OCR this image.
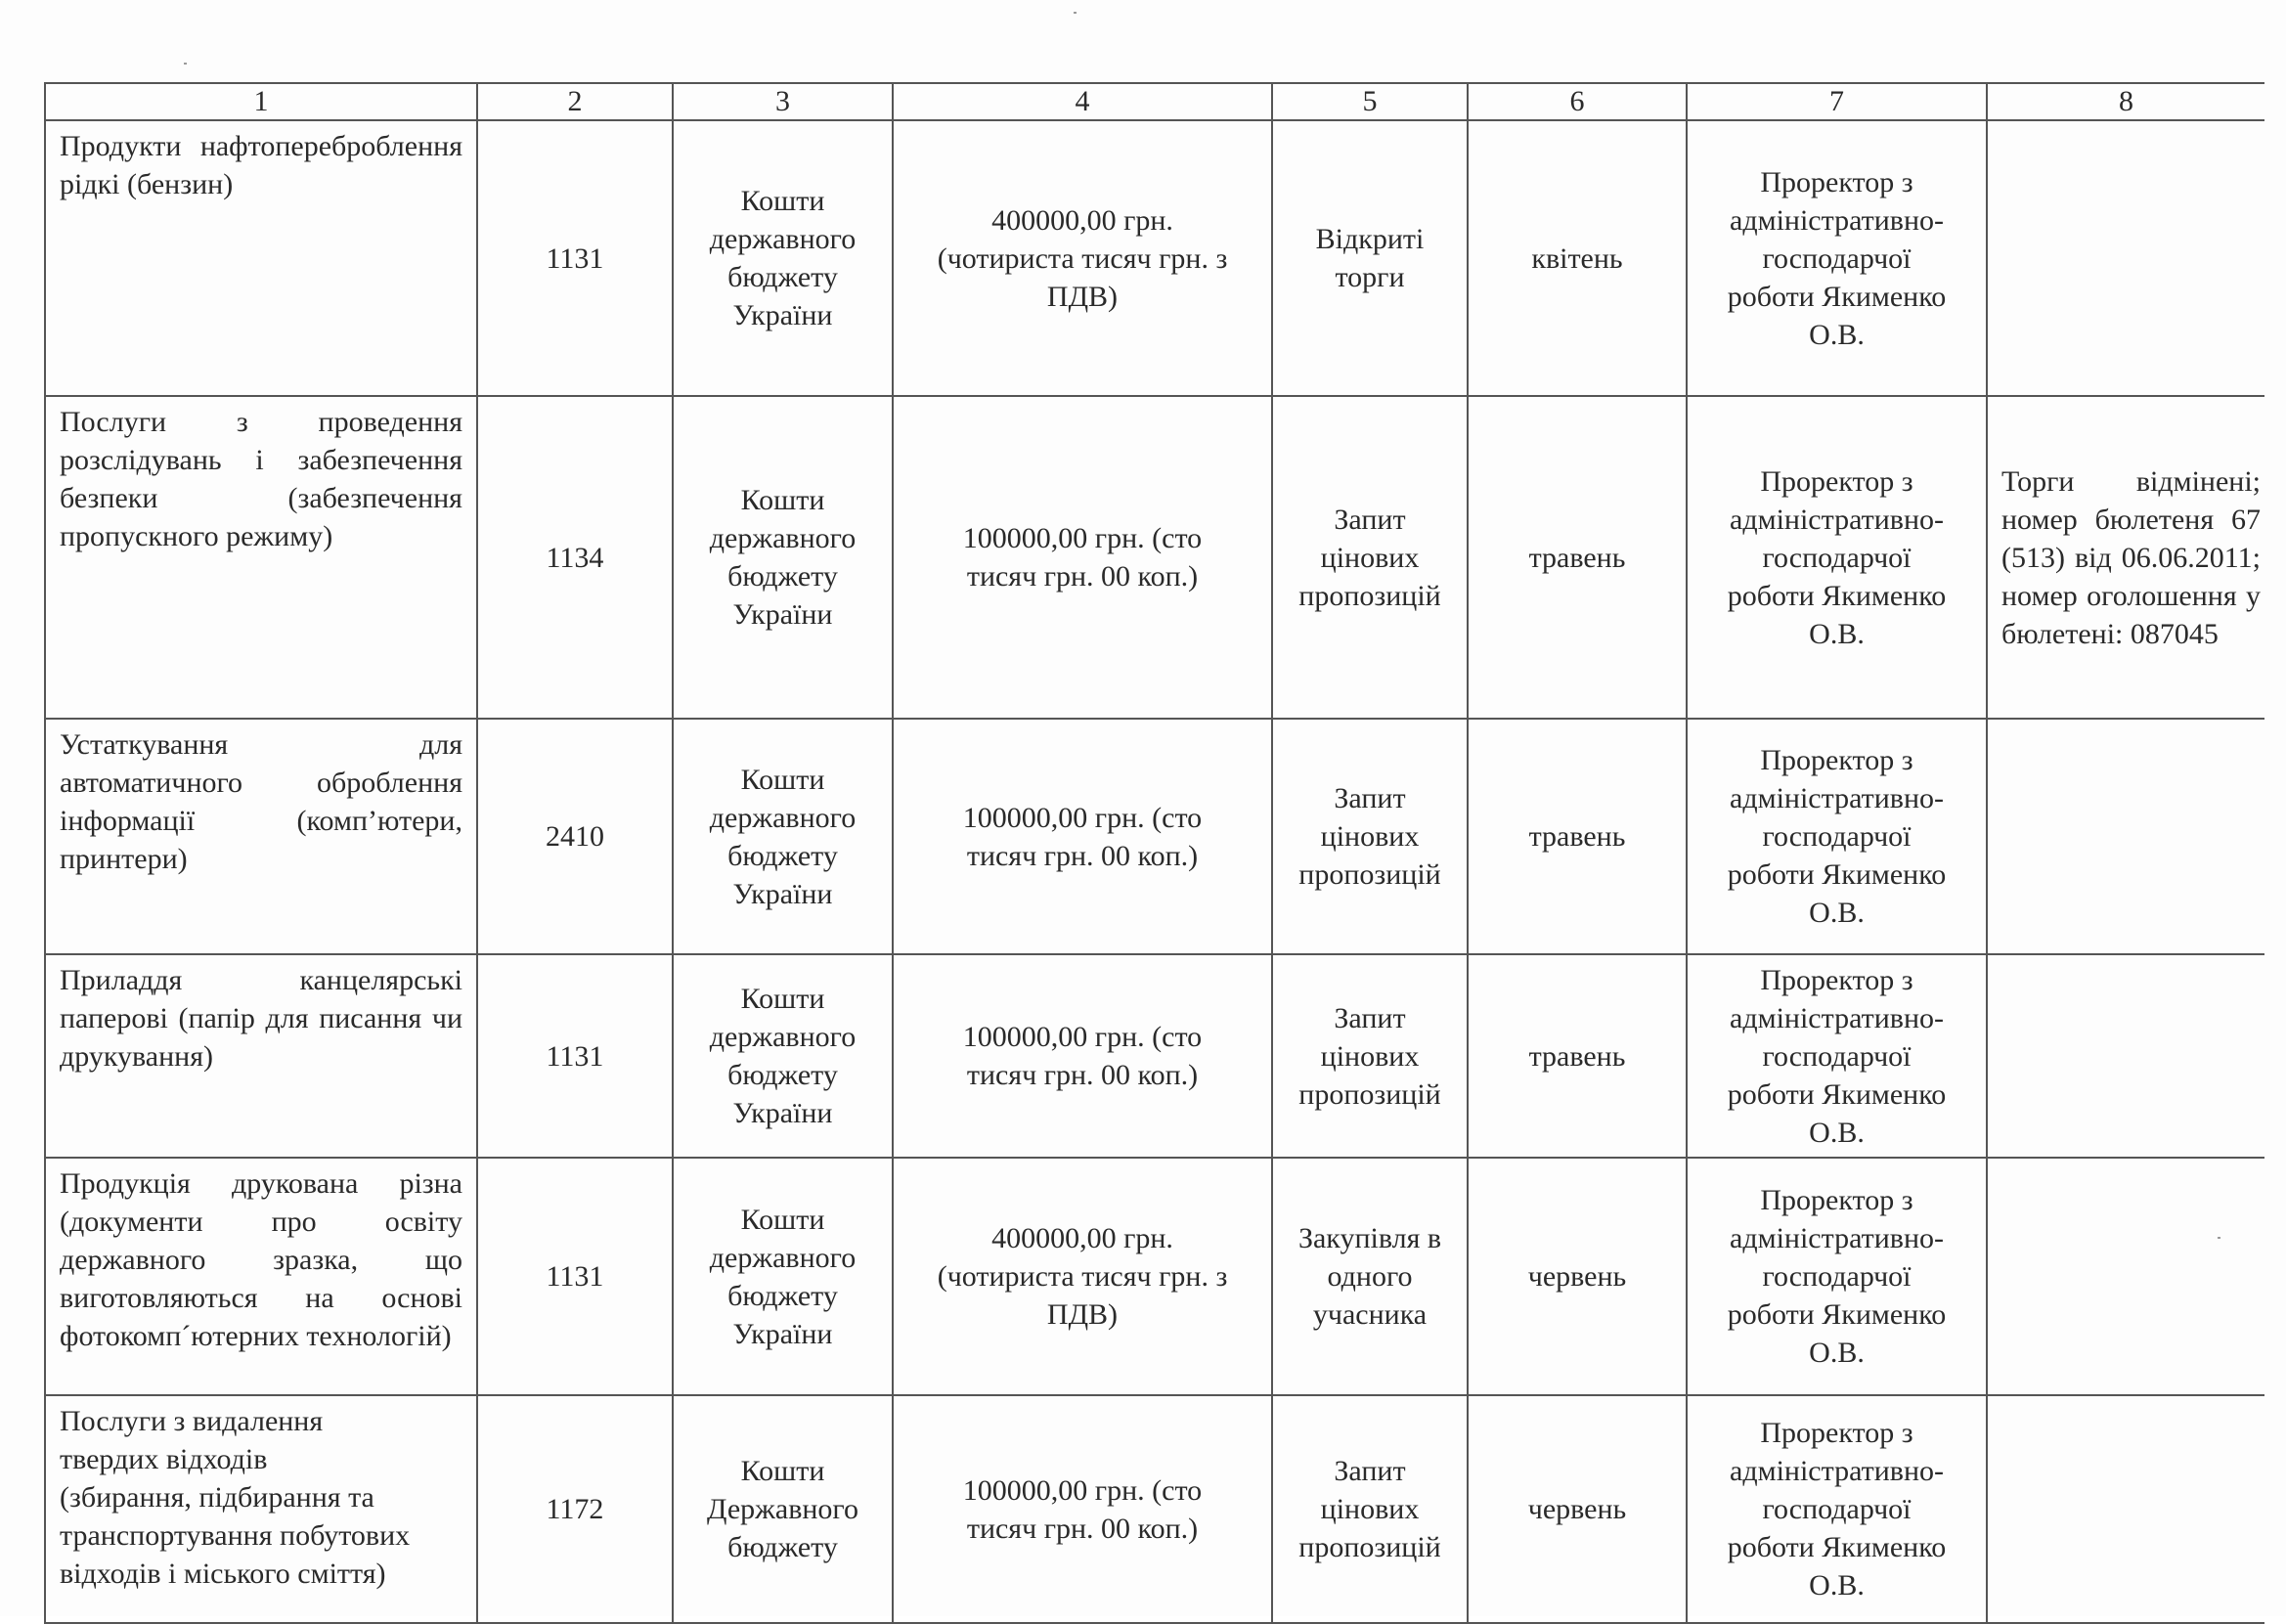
1	2	3	4	5	6	7	8

Продукти нафтопереброблення рідкі (бензин)	1131	Кошти
державного
бюджету
України	400000,00 грн.
(чотириста тисяч грн. з
ПДВ)	Відкриті
торги	квітень	Проректор з
адміністративно-
господарчої
роботи Якименко
О.В.	

Послуги з проведення розслідувань і забезпечення безпеки (забезпечення пропускного режиму)	1134	Кошти
державного
бюджету
України	100000,00 грн. (сто
тисяч грн. 00 коп.)	Запит
цінових
пропозицій	травень	Проректор з
адміністративно-
господарчої
роботи Якименко
О.В.	Торги відмінені; номер бюлетеня 67 (513) від 06.06.2011; номер оголошення у бюлетені: 087045

Устаткування для автоматичного оброблення інформації (комп’ютери, принтери)	2410	Кошти
державного
бюджету
України	100000,00 грн. (сто
тисяч грн. 00 коп.)	Запит
цінових
пропозицій	травень	Проректор з
адміністративно-
господарчої
роботи Якименко
О.В.	

Приладдя канцелярські паперові (папір для писання чи друкування)	1131	Кошти
державного
бюджету
України	100000,00 грн. (сто
тисяч грн. 00 коп.)	Запит
цінових
пропозицій	травень	Проректор з
адміністративно-
господарчої
роботи Якименко
О.В.	

Продукція друкована різна (документи про освіту державного зразка, що виготовляються на основі фотокомп´ютерних технологій)	1131	Кошти
державного
бюджету
України	400000,00 грн.
(чотириста тисяч грн. з
ПДВ)	Закупівля в
одного
учасника	червень	Проректор з
адміністративно-
господарчої
роботи Якименко
О.В.	

Послуги з видалення
твердих відходів
(збирання, підбирання та
транспортування побутових
відходів і міського сміття)	1172	Кошти
Державного
бюджету	100000,00 грн. (сто
тисяч грн. 00 коп.)	Запит
цінових
пропозицій	червень	Проректор з
адміністративно-
господарчої
роботи Якименко
О.В.	
